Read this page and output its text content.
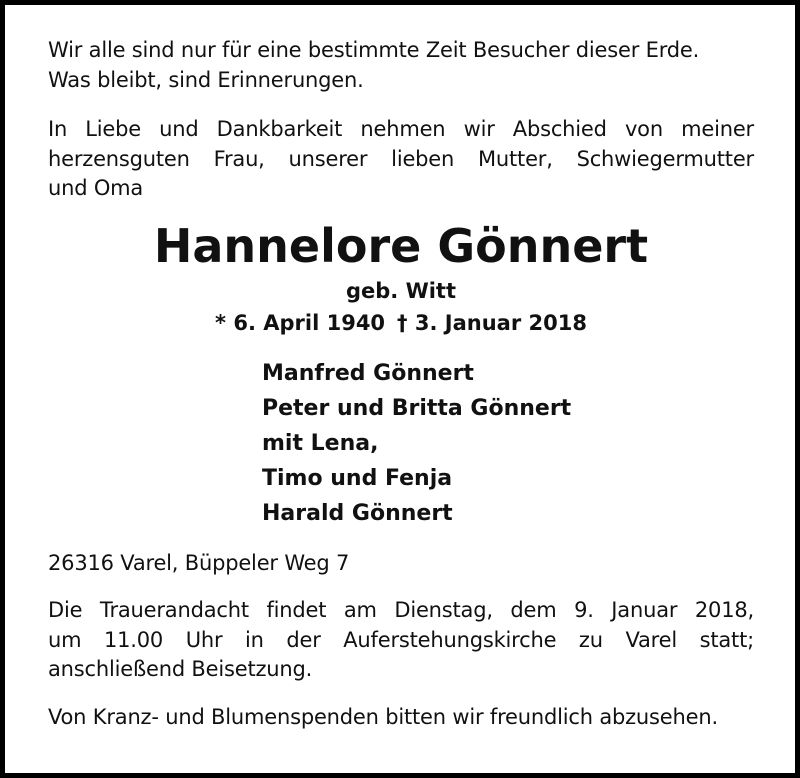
Wir alle sind nur für eine bestimmte Zeit Besucher dieser Erde.
Was bleibt, sind Erinnerungen.

In Liebe und Dankbarkeit nehmen wir Abschied von meiner
herzensguten Frau, unserer lieben Mutter, Schwiegermutter
und Oma

Hannelore Gönnert

geb. Witt

* 6. April 1940 † 3. Januar 2018

Manfred Gönnert
Peter und Britta Gönnert
mit Lena,
Timo und Fenja
Harald Gönnert

26316 Varel, Büppeler Weg 7

Die Trauerandacht findet am Dienstag, dem 9. Januar 2018,
um 11.00 Uhr in der Auferstehungskirche zu Varel statt;
anschließend Beisetzung.

Von Kranz- und Blumenspenden bitten wir freundlich abzusehen.
